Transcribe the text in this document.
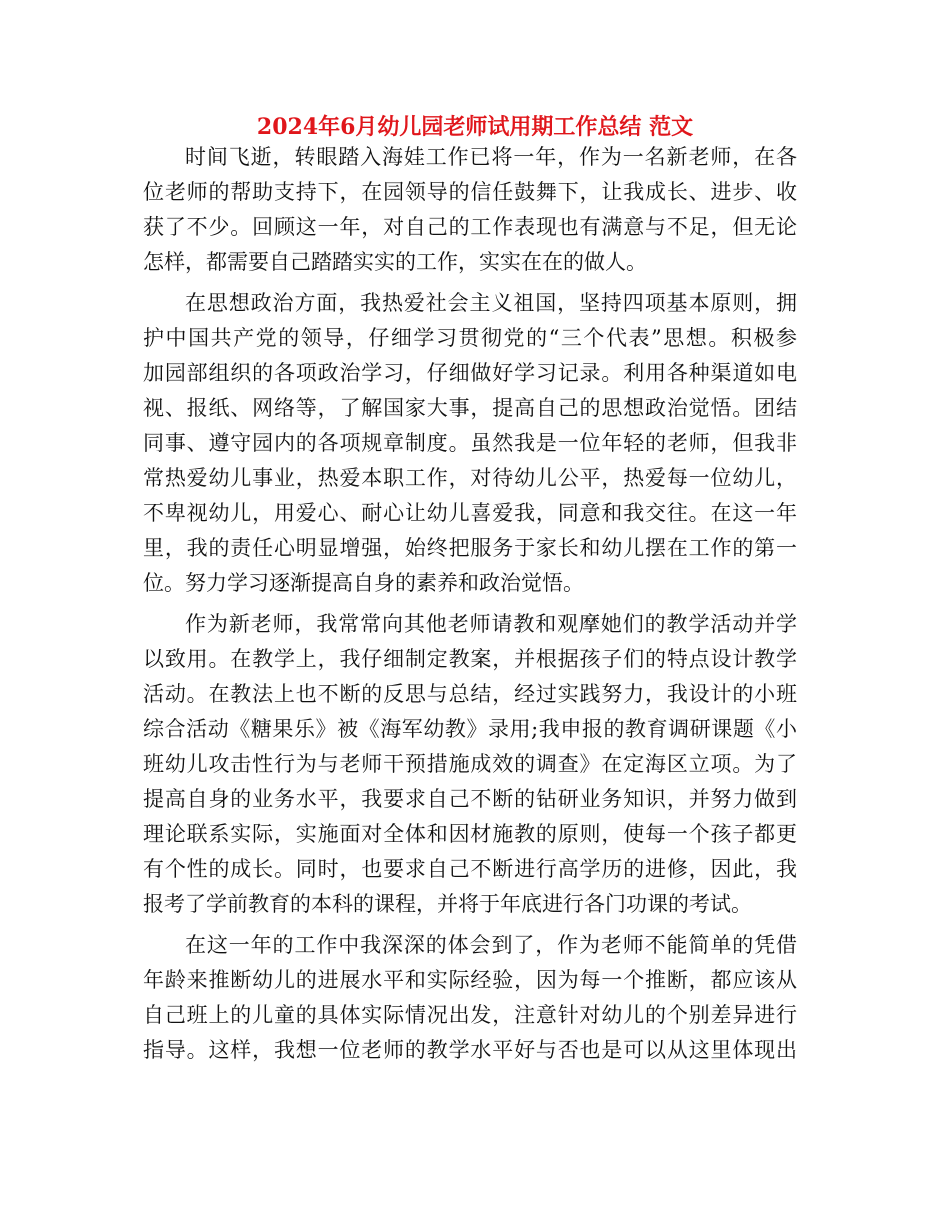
2024年6月幼儿园老师试用期工作总结 范文
时间飞逝，转眼踏入海娃工作已将一年，作为一名新老师，在各
位老师的帮助支持下，在园领导的信任鼓舞下，让我成长、进步、收
获了不少。回顾这一年，对自己的工作表现也有满意与不足，但无论
怎样，都需要自己踏踏实实的工作，实实在在的做人。
在思想政治方面，我热爱社会主义祖国，坚持四项基本原则，拥
护中国共产党的领导，仔细学习贯彻党的“三个代表”思想。积极参
加园部组织的各项政治学习，仔细做好学习记录。利用各种渠道如电
视、报纸、网络等，了解国家大事，提高自己的思想政治觉悟。团结
同事、遵守园内的各项规章制度。虽然我是一位年轻的老师，但我非
常热爱幼儿事业，热爱本职工作，对待幼儿公平，热爱每一位幼儿，
不卑视幼儿，用爱心、耐心让幼儿喜爱我，同意和我交往。在这一年
里，我的责任心明显增强，始终把服务于家长和幼儿摆在工作的第一
位。努力学习逐渐提高自身的素养和政治觉悟。
作为新老师，我常常向其他老师请教和观摩她们的教学活动并学
以致用。在教学上，我仔细制定教案，并根据孩子们的特点设计教学
活动。在教法上也不断的反思与总结，经过实践努力，我设计的小班
综合活动《糖果乐》被《海军幼教》录用;我申报的教育调研课题《小
班幼儿攻击性行为与老师干预措施成效的调查》在定海区立项。为了
提高自身的业务水平，我要求自己不断的钻研业务知识，并努力做到
理论联系实际，实施面对全体和因材施教的原则，使每一个孩子都更
有个性的成长。同时，也要求自己不断进行高学历的进修，因此，我
报考了学前教育的本科的课程，并将于年底进行各门功课的考试。
在这一年的工作中我深深的体会到了，作为老师不能简单的凭借
年龄来推断幼儿的进展水平和实际经验，因为每一个推断，都应该从
自己班上的儿童的具体实际情况出发，注意针对幼儿的个别差异进行
指导。这样，我想一位老师的教学水平好与否也是可以从这里体现出
